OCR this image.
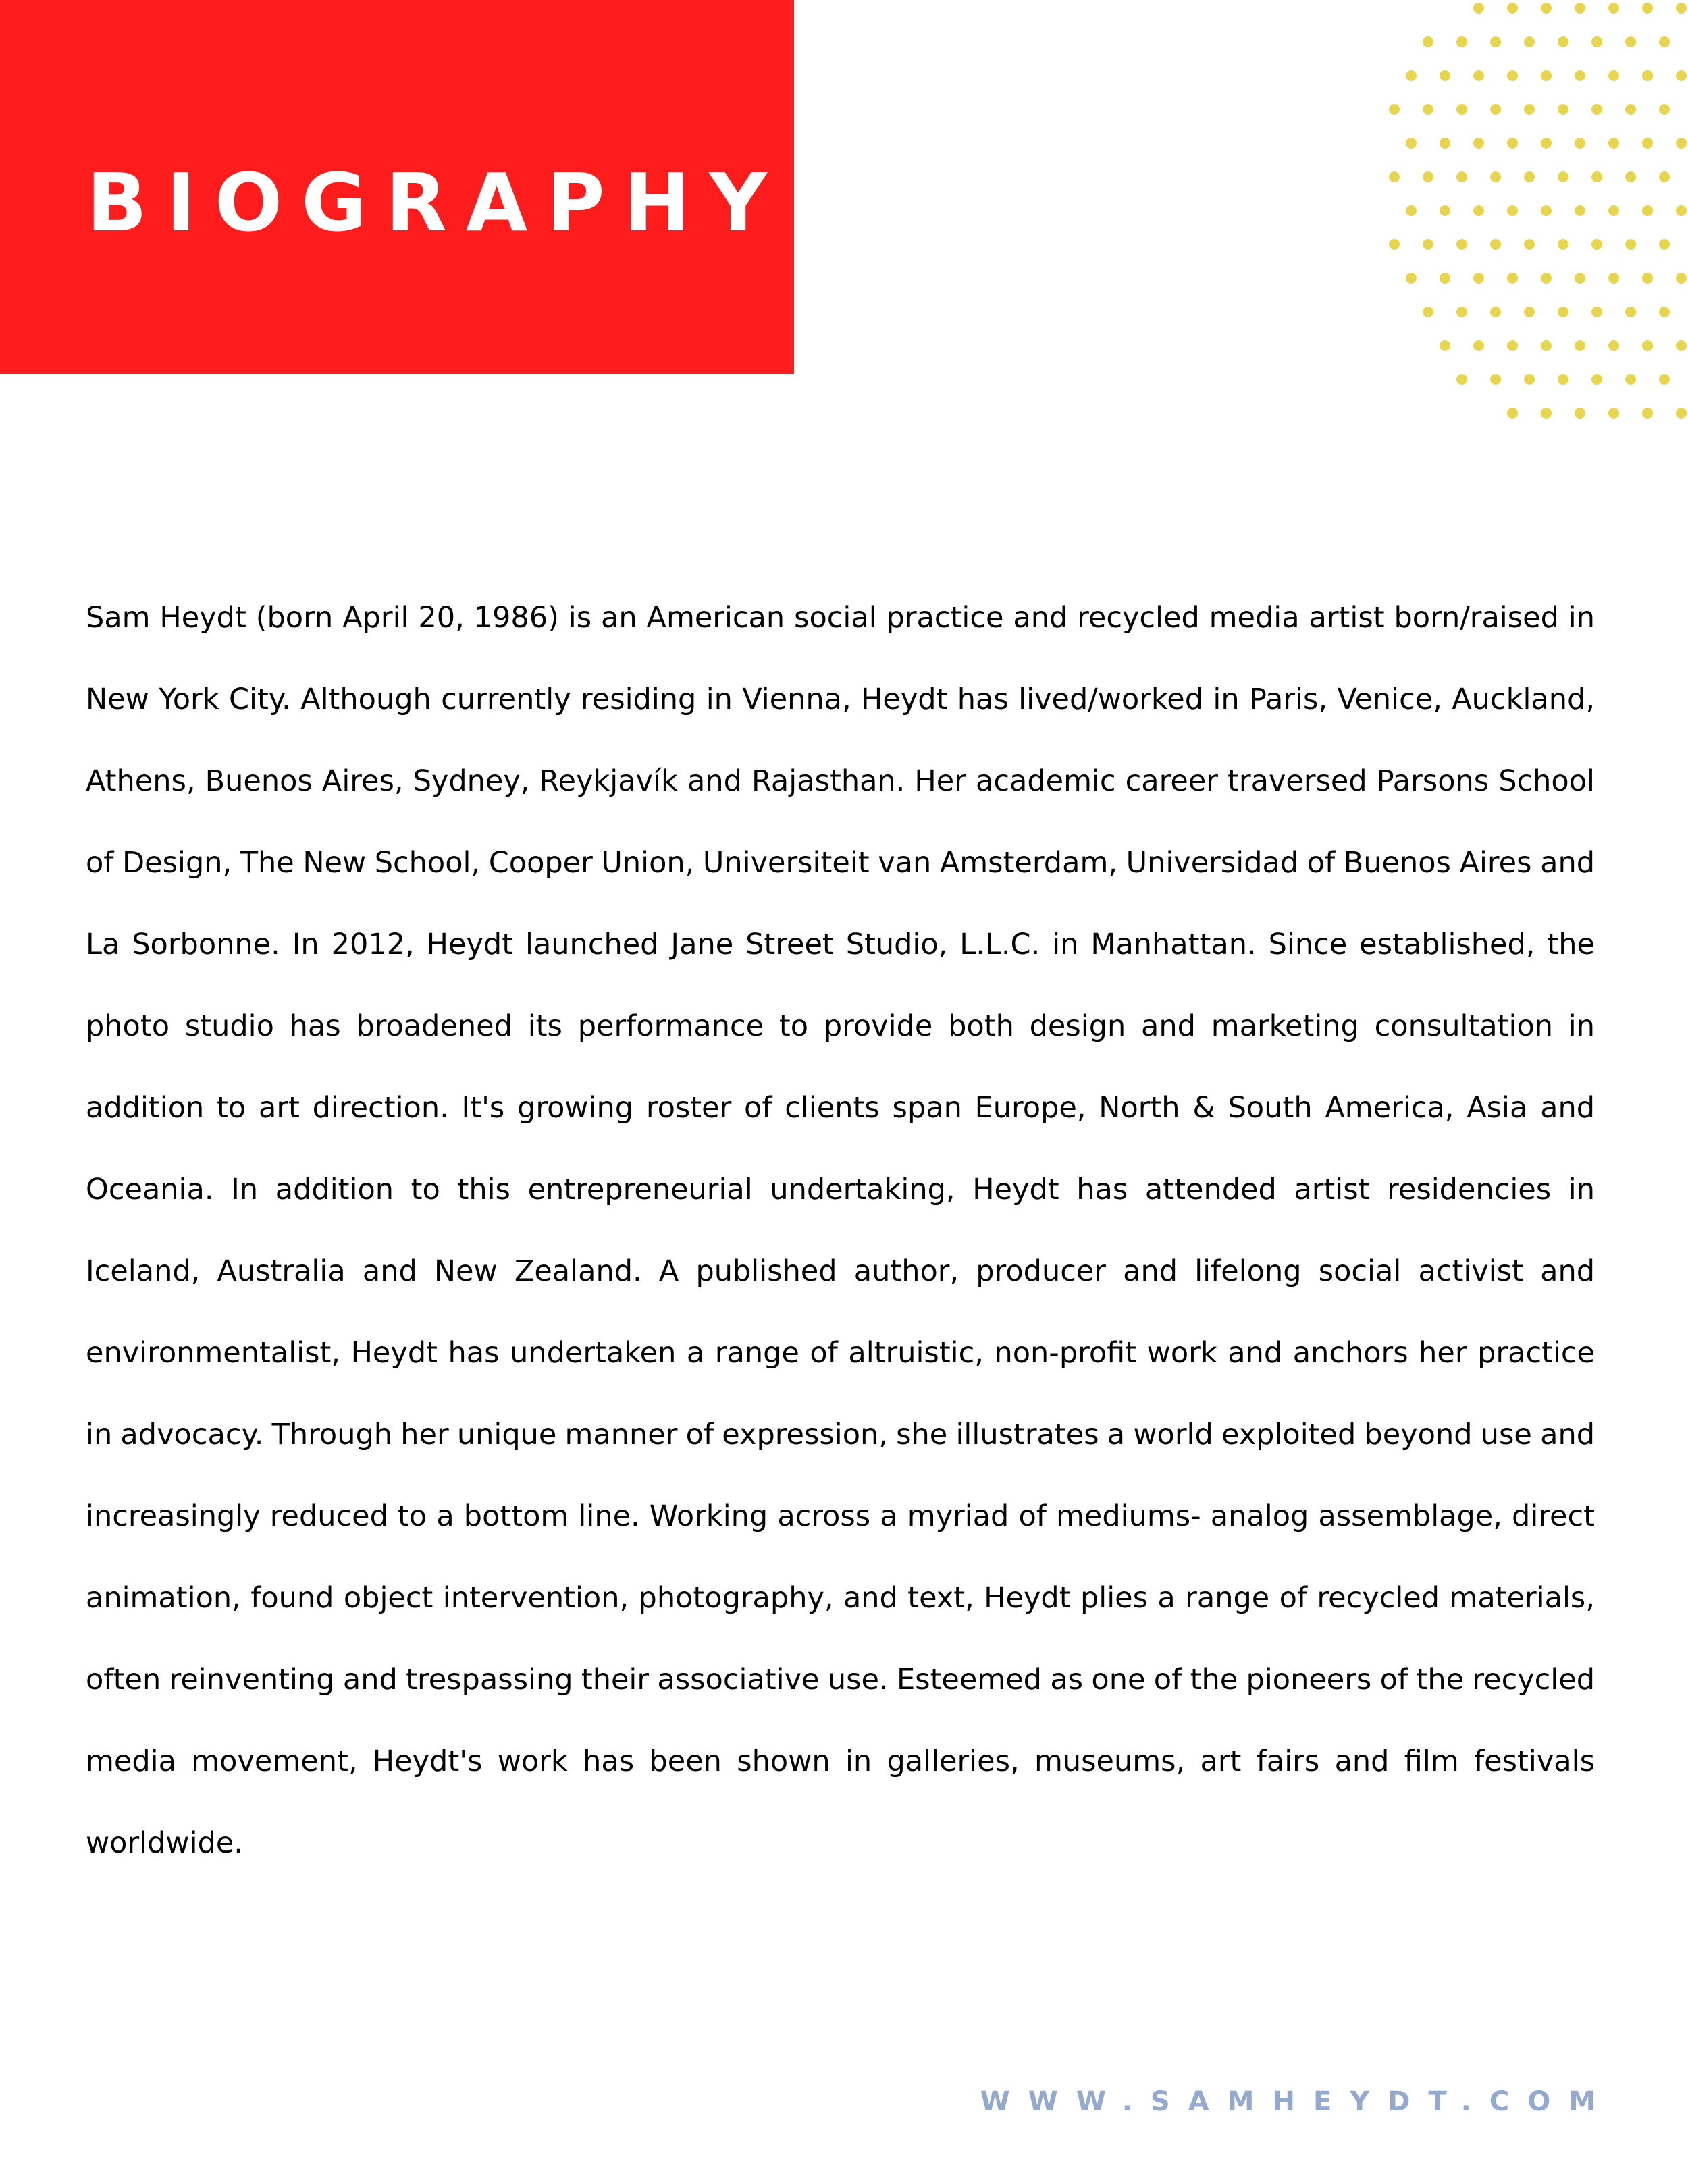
BIOGRAPHY

Sam Heydt (born April 20, 1986) is an American social practice and recycled media artist born/raised in New York City. Although currently residing in Vienna, Heydt has lived/worked in Paris, Venice, Auckland, Athens, Buenos Aires, Sydney, Reykjavík and Rajasthan. Her academic career traversed Parsons School of Design, The New School, Cooper Union, Universiteit van Amsterdam, Universidad of Buenos Aires and La Sorbonne. In 2012, Heydt launched Jane Street Studio, L.L.C. in Manhattan. Since established, the photo studio has broadened its performance to provide both design and marketing consultation in addition to art direction. It's growing roster of clients span Europe, North & South America, Asia and Oceania. In addition to this entrepreneurial undertaking, Heydt has attended artist residencies in Iceland, Australia and New Zealand. A published author, producer and lifelong social activist and environmentalist, Heydt has undertaken a range of altruistic, non-profit work and anchors her practice in advocacy. Through her unique manner of expression, she illustrates a world exploited beyond use and increasingly reduced to a bottom line. Working across a myriad of mediums- analog assemblage, direct animation, found object intervention, photography, and text, Heydt plies a range of recycled materials, often reinventing and trespassing their associative use. Esteemed as one of the pioneers of the recycled media movement, Heydt's work has been shown in galleries, museums, art fairs and film festivals worldwide.

WWW.SAMHEYDT.COM
